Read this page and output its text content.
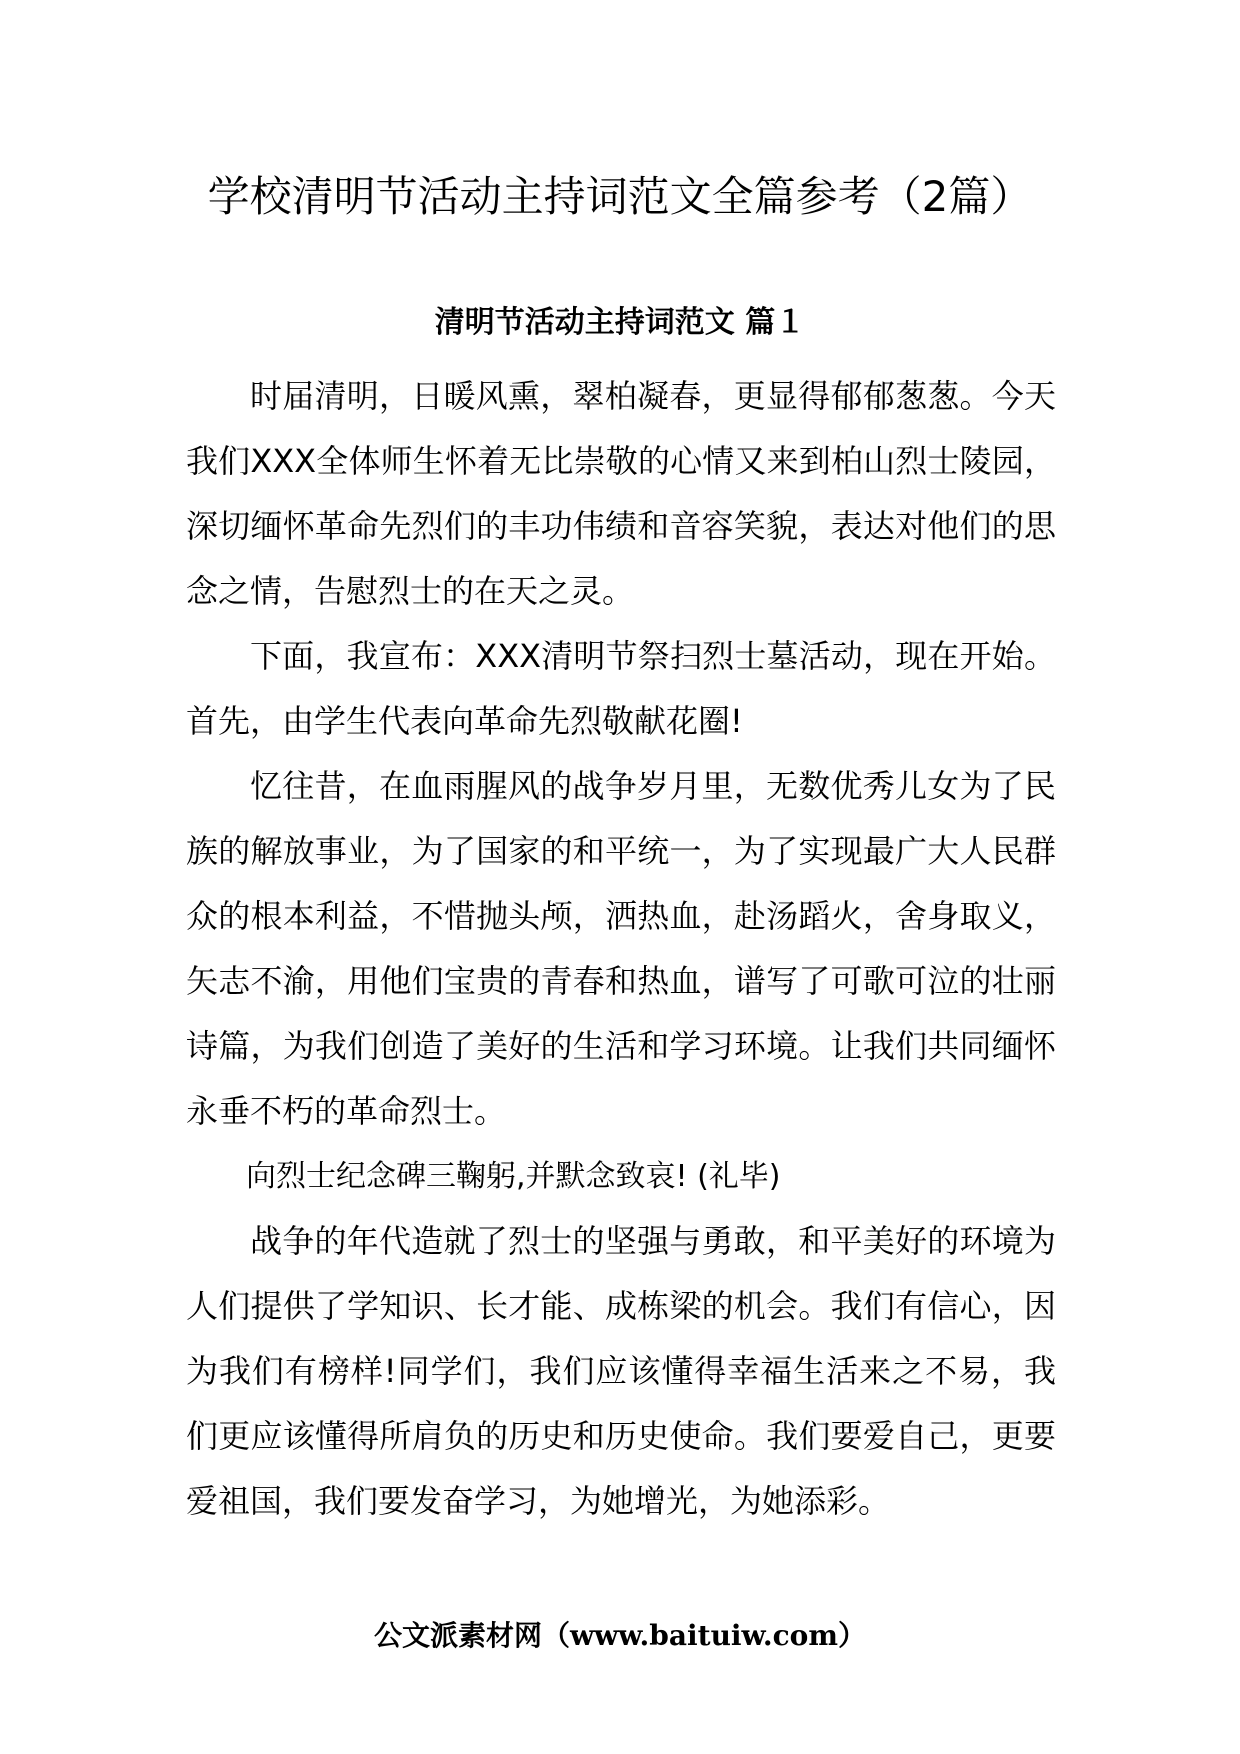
学校清明节活动主持词范文全篇参考（2篇）
清明节活动主持词范文 篇１

时届清明，日暖风熏，翠柏凝春，更显得郁郁葱葱。今天我们XXX全体师生怀着无比崇敬的心情又来到柏山烈士陵园，深切缅怀革命先烈们的丰功伟绩和音容笑貌，表达对他们的思念之情，告慰烈士的在天之灵。

下面，我宣布：XXX清明节祭扫烈士墓活动，现在开始。 首先，由学生代表向革命先烈敬献花圈!

忆往昔，在血雨腥风的战争岁月里，无数优秀儿女为了民族的解放事业，为了国家的和平统一，为了实现最广大人民群众的根本利益，不惜抛头颅，洒热血，赴汤蹈火，舍身取义，矢志不渝，用他们宝贵的青春和热血，谱写了可歌可泣的壮丽诗篇，为我们创造了美好的生活和学习环境。让我们共同缅怀永垂不朽的革命烈士。

向烈士纪念碑三鞠躬,并默念致哀! (礼毕)

战争的年代造就了烈士的坚强与勇敢，和平美好的环境为人们提供了学知识、长才能、成栋梁的机会。我们有信心，因为我们有榜样!同学们，我们应该懂得幸福生活来之不易，我们更应该懂得所肩负的历史和历史使命。我们要爱自己，更要爱祖国，我们要发奋学习，为她增光，为她添彩。

公文派素材网（www.baituiw.com）
